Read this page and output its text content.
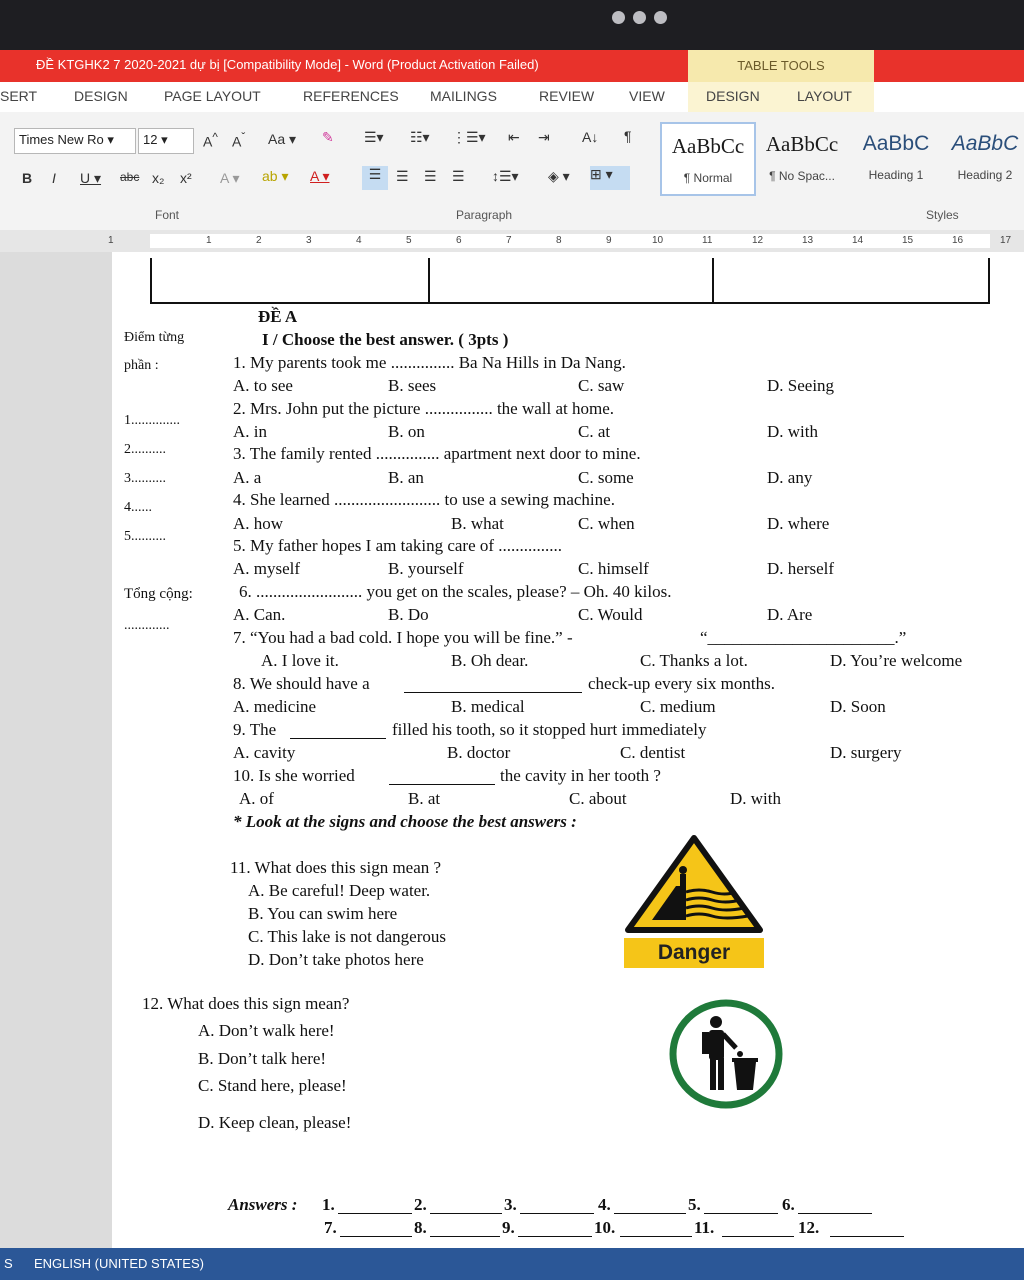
ĐỀ KTGHK2 7 2020-2021 dự bị [Compatibility Mode] - Word (Product Activation Failed)	TABLE TOOLS
SERT	DESIGN	PAGE LAYOUT	REFERENCES MAILINGS	REVIEW VIEW	DESIGN	LAYOUT
Times New Ro ▾	12 ▾	A^ $A^ˇ$ Aa ▾ ✎ ☰▾ ☷▾ ⋮☰▾ ⇤ ⇥ A↓ ¶
B I U ▾ abc x₂ x² A ▾ ab ▾ A ▾	☰	☰ ☰ ☰ ↕☰▾ ◈ ▾ ⊞ ▾
Font	Paragraph	Styles
AaBbCc
¶ Normal
AaBbCc
¶ No Spac...
AaBbC
Heading 1
AaBbC
Heading 2
1	1	2	3	4	5	6	7	8	9	10	11	12	13	14	15	16	17
ĐỀ A
Điểm từng
phần :
1..............
2..........
3..........
4......
5..........
Tổng cộng:
.............
I / Choose the best answer. ( 3pts )
1. My parents took me ............... Ba Na Hills in Da Nang.
A. to see	B. sees	C. saw	D. Seeing
2. Mrs. John put the picture ................ the wall at home.
A. in	B. on	C. at	D. with
3. The family rented ............... apartment next door to mine.
A. a	B. an	C. some	D. any
4. She learned ......................... to use a sewing machine.
A. how	B. what	C. when	D. where
5. My father hopes I am taking care of ...............
A. myself	B. yourself	C. himself	D. herself
6. ......................... you get on the scales, please? – Oh. 40 kilos.
A. Can.	B. Do	C. Would	D. Are
7. “You had a bad cold. I hope you will be fine.” -	“______________________.”
A. I love it.	B. Oh dear.	C. Thanks a lot.	D. You’re welcome
8. We should have a	check-up every six months.
A. medicine	B. medical	C. medium	D. Soon
9. The	filled his tooth, so it stopped hurt immediately
A. cavity	B. doctor	C. dentist	D. surgery
10. Is she worried	the cavity in her tooth ?
A. of	B. at	C. about	D. with
* Look at the signs and choose the best answers :
11. What does this sign mean ?
A. Be careful! Deep water.
B. You can swim here
C. This lake is not dangerous
D. Don’t take photos here	Danger
12. What does this sign mean?
A. Don’t walk here!
B. Don’t talk here!
C. Stand here, please!
D. Keep clean, please!
Answers : 1.	2.	3.	4.	5.	6.
7.	8.	9.	10.	11.	12.
S ENGLISH (UNITED STATES)
